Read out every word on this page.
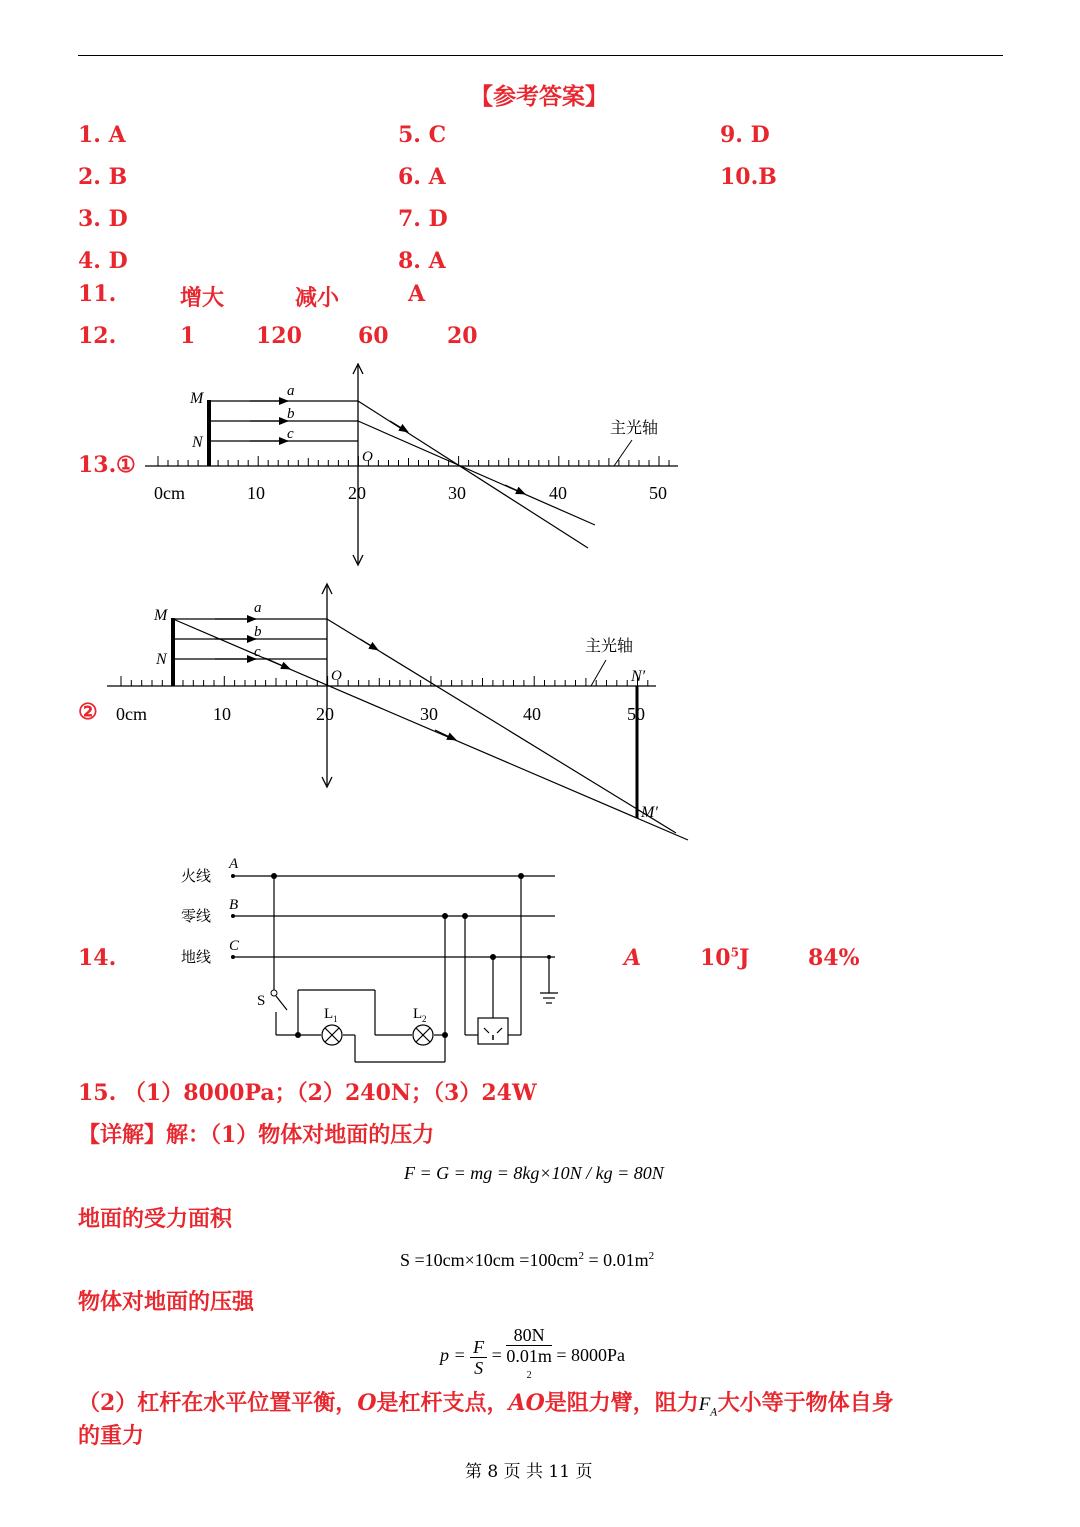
【参考答案】
1. A
2. B
3. D
4. D
5. C
6. A
7. D
8. A
9. D
10.B
11.	增大	减小	A
12.	1	120	60	20
13. ①
②
M
N
a
b
c
O
主光轴
0cm	10	20	30	40	50
M
N
a
b
c
O	N′
M′
主光轴
0cm	10	20	30	40	50
火线
零线
地线
A
B
C
S
L 1	L 2
14.	A	$10^5J$	84%
15. （1）8000Pa；（2）240N；（3）24W
【详解】解：（1）物体对地面的压力
F = G = mg = 8kg×10N / kg = 80N
地面的受力面积
$S =10cm\times 10cm =100cm^2 = 0.01m^2$
物体对地面的压强
$p = \frac{F}{S} = 80N$
0.01m
$^2$ = 8000Pa
（2）杠杆在水平位置平衡，O是杠杆支点，AO是阻力臂，阻力$F_A$大小等于物体自身
的重力
第 8 页 共 11 页
